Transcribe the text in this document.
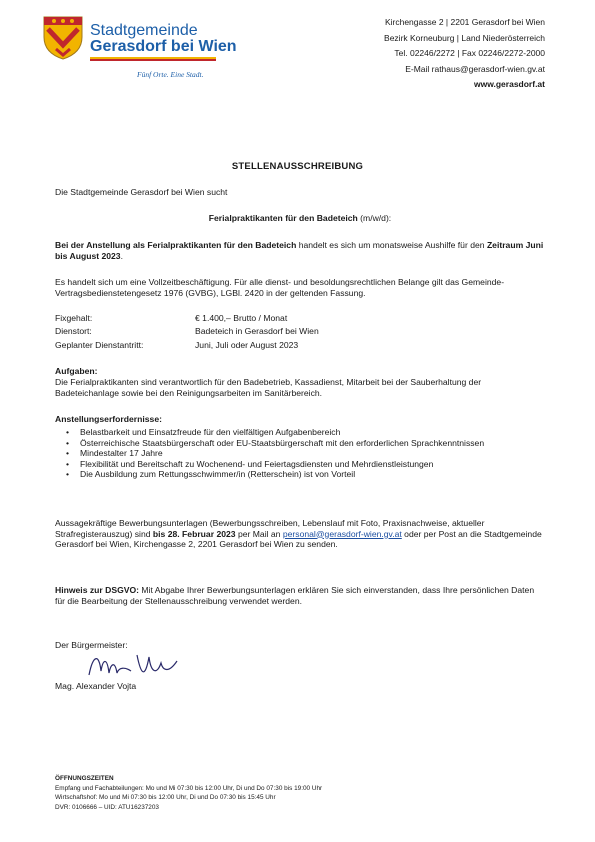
Stadtgemeinde
Gerasdorf bei Wien
Fünf Orte. Eine Stadt.
Kirchengasse 2 | 2201 Gerasdorf bei Wien
Bezirk Korneuburg | Land Niederösterreich
Tel. 02246/2272 | Fax 02246/2272-2000
E-Mail rathaus@gerasdorf-wien.gv.at
www.gerasdorf.at
STELLENAUSSCHREIBUNG
Die Stadtgemeinde Gerasdorf bei Wien sucht
Ferialpraktikanten für den Badeteich (m/w/d):
Bei der Anstellung als Ferialpraktikanten für den Badeteich handelt es sich um monatsweise Aushilfe für den Zeitraum Juni bis August 2023.
Es handelt sich um eine Vollzeitbeschäftigung. Für alle dienst- und besoldungsrechtlichen Belange gilt das Gemeinde-Vertragsbedienstetengesetz 1976 (GVBG), LGBl. 2420 in der geltenden Fassung.
Fixgehalt:	€ 1.400,– Brutto / Monat
Dienstort:	Badeteich in Gerasdorf bei Wien
Geplanter Dienstantritt:	Juni, Juli oder August 2023
Aufgaben:
Die Ferialpraktikanten sind verantwortlich für den Badebetrieb, Kassadienst, Mitarbeit bei der Sauberhaltung der Badeteichanlage sowie bei den Reinigungsarbeiten im Sanitärbereich.
Anstellungserfordernisse:
• Belastbarkeit und Einsatzfreude für den vielfältigen Aufgabenbereich
• Österreichische Staatsbürgerschaft oder EU-Staatsbürgerschaft mit den erforderlichen Sprachkenntnissen
• Mindestalter 17 Jahre
• Flexibilität und Bereitschaft zu Wochenend- und Feiertagsdiensten und Mehrdienstleistungen
• Die Ausbildung zum Rettungsschwimmer/in (Retterschein) ist von Vorteil
Aussagekräftige Bewerbungsunterlagen (Bewerbungsschreiben, Lebenslauf mit Foto, Praxisnachweise, aktueller Strafregisterauszug) sind bis 28. Februar 2023 per Mail an personal@gerasdorf-wien.gv.at oder per Post an die Stadtgemeinde Gerasdorf bei Wien, Kirchengasse 2, 2201 Gerasdorf bei Wien zu senden.
Hinweis zur DSGVO: Mit Abgabe Ihrer Bewerbungsunterlagen erklären Sie sich einverstanden, dass Ihre persönlichen Daten für die Bearbeitung der Stellenausschreibung verwendet werden.
Der Bürgermeister:
Mag. Alexander Vojta
ÖFFNUNGSZEITEN
Empfang und Fachabteilungen: Mo und Mi 07:30 bis 12:00 Uhr, Di und Do 07:30 bis 19:00 Uhr
Wirtschaftshof: Mo und Mi 07:30 bis 12:00 Uhr, Di und Do 07:30 bis 15:45 Uhr
DVR: 0106666 – UID: ATU16237203
